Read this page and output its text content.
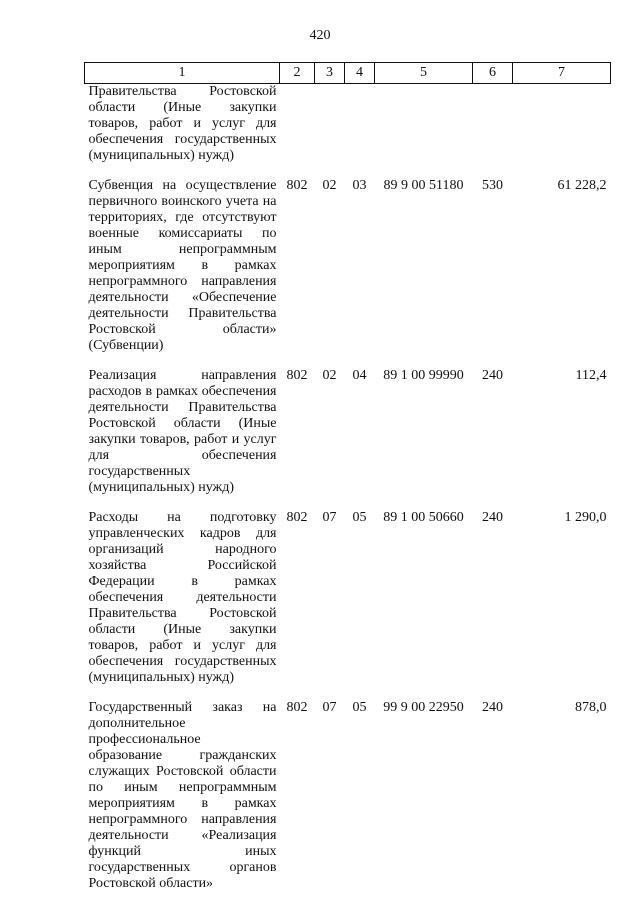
420
1	2	3	4	5	6	7
Правительства Ростовской области (Иные закупки товаров, работ и услуг для обеспечения государственных (муниципальных) нужд)						
Субвенция на осуществление первичного воинского учета на территориях, где отсутствуют военные комиссариаты по иным непрограммным мероприятиям в рамках непрограммного направления деятельности «Обеспечение деятельности Правительства Ростовской области» (Субвенции)	802	02	03	89 9 00 51180	530	61 228,2
Реализация направления расходов в рамках обеспечения деятельности Правительства Ростовской области (Иные закупки товаров, работ и услуг для обеспечения государственных (муниципальных) нужд)	802	02	04	89 1 00 99990	240	112,4
Расходы на подготовку управленческих кадров для организаций народного хозяйства Российской Федерации в рамках обеспечения деятельности Правительства Ростовской области (Иные закупки товаров, работ и услуг для обеспечения государственных (муниципальных) нужд)	802	07	05	89 1 00 50660	240	1 290,0
Государственный заказ на дополнительное профессиональное образование гражданских служащих Ростовской области по иным непрограммным мероприятиям в рамках непрограммного направления деятельности «Реализация функций иных государственных органов Ростовской области»	802	07	05	99 9 00 22950	240	878,0
